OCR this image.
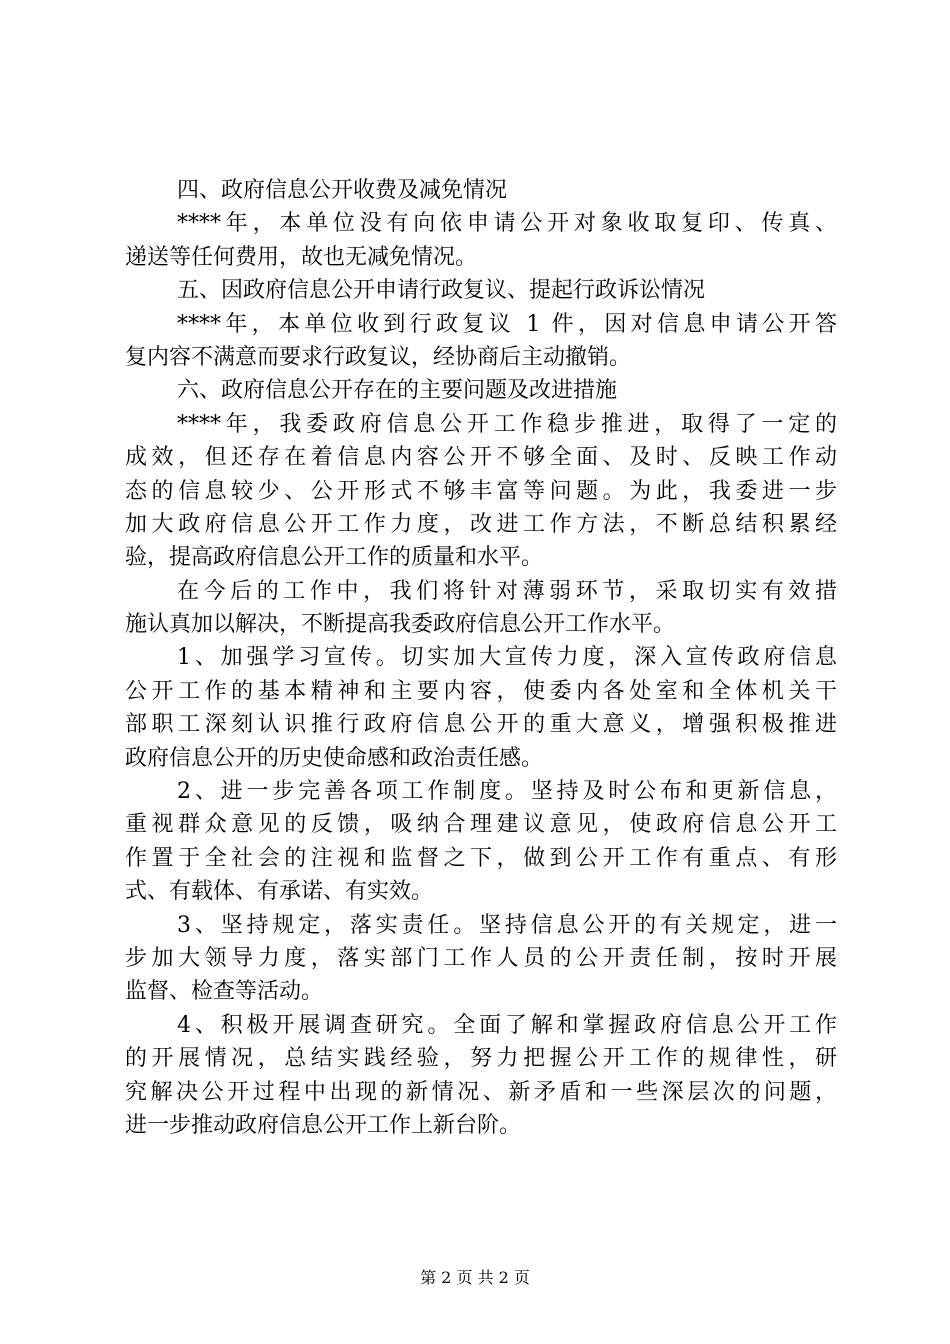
四、政府信息公开收费及减免情况
****年，本单位没有向依申请公开对象收取复印、传真、
递送等任何费用，故也无减免情况。
五、因政府信息公开申请行政复议、提起行政诉讼情况
****年，本单位收到行政复议 1 件，因对信息申请公开答
复内容不满意而要求行政复议，经协商后主动撤销。
六、政府信息公开存在的主要问题及改进措施
****年，我委政府信息公开工作稳步推进，取得了一定的
成效，但还存在着信息内容公开不够全面、及时、反映工作动
态的信息较少、公开形式不够丰富等问题。为此，我委进一步
加大政府信息公开工作力度，改进工作方法，不断总结积累经
验，提高政府信息公开工作的质量和水平。
在今后的工作中，我们将针对薄弱环节，采取切实有效措
施认真加以解决，不断提高我委政府信息公开工作水平。
1、加强学习宣传。切实加大宣传力度，深入宣传政府信息
公开工作的基本精神和主要内容，使委内各处室和全体机关干
部职工深刻认识推行政府信息公开的重大意义，增强积极推进
政府信息公开的历史使命感和政治责任感。
2、进一步完善各项工作制度。坚持及时公布和更新信息，
重视群众意见的反馈，吸纳合理建议意见，使政府信息公开工
作置于全社会的注视和监督之下，做到公开工作有重点、有形
式、有载体、有承诺、有实效。
3、坚持规定，落实责任。坚持信息公开的有关规定，进一
步加大领导力度，落实部门工作人员的公开责任制，按时开展
监督、检查等活动。
4、积极开展调查研究。全面了解和掌握政府信息公开工作
的开展情况，总结实践经验，努力把握公开工作的规律性，研
究解决公开过程中出现的新情况、新矛盾和一些深层次的问题，
进一步推动政府信息公开工作上新台阶。
第 2 页 共 2 页
